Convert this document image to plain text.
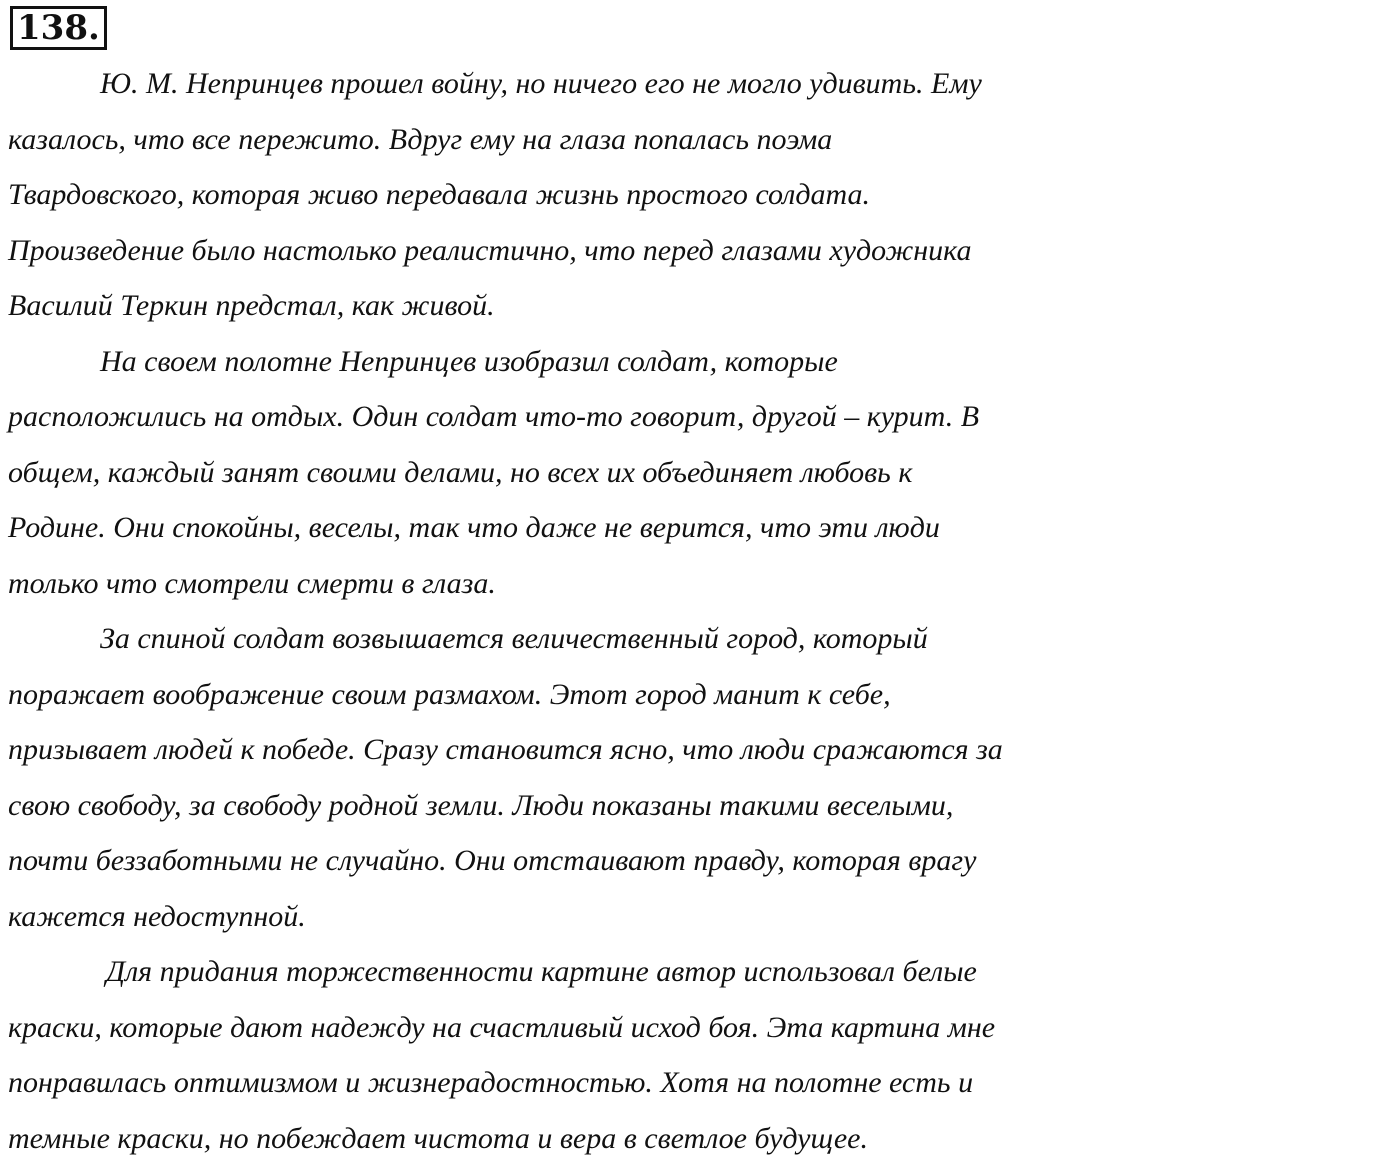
138.
Ю. М. Непринцев прошел войну, но ничего его не могло удивить. Ему
казалось, что все пережито. Вдруг ему на глаза попалась поэма
Твардовского, которая живо передавала жизнь простого солдата.
Произведение было настолько реалистично, что перед глазами художника
Василий Теркин предстал, как живой.
На своем полотне Непринцев изобразил солдат, которые
расположились на отдых. Один солдат что-то говорит, другой – курит. В
общем, каждый занят своими делами, но всех их объединяет любовь к
Родине. Они спокойны, веселы, так что даже не верится, что эти люди
только что смотрели смерти в глаза.
За спиной солдат возвышается величественный город, который
поражает воображение своим размахом. Этот город манит к себе,
призывает людей к победе. Сразу становится ясно, что люди сражаются за
свою свободу, за свободу родной земли. Люди показаны такими веселыми,
почти беззаботными не случайно. Они отстаивают правду, которая врагу
кажется недоступной.
Для придания торжественности картине автор использовал белые
краски, которые дают надежду на счастливый исход боя. Эта картина мне
понравилась оптимизмом и жизнерадостностью. Хотя на полотне есть и
темные краски, но побеждает чистота и вера в светлое будущее.
